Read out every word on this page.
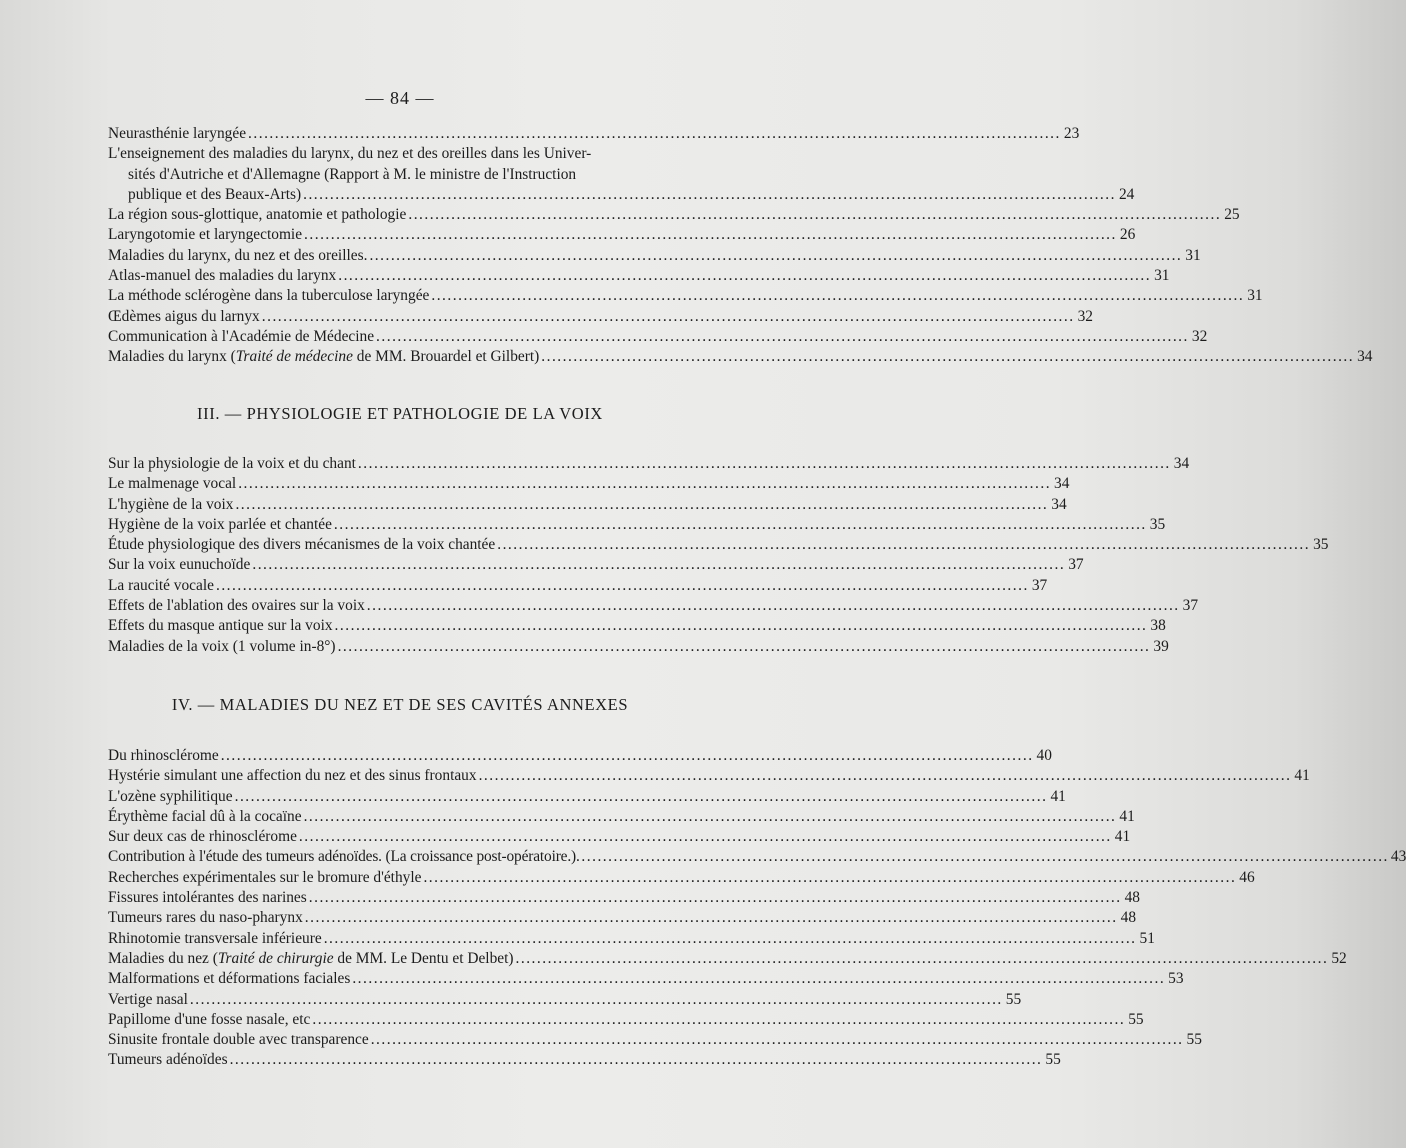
— 84 —
Neurasthénie laryngée .....	23
L'enseignement des maladies du larynx, du nez et des oreilles dans les Univer-
sités d'Autriche et d'Allemagne (Rapport à M. le ministre de l'Instruction
publique et des Beaux-Arts) .....	24
La région sous-glottique, anatomie et pathologie .....	25
Laryngotomie et laryngectomie .....	26
Maladies du larynx, du nez et des oreilles. .....	31
Atlas-manuel des maladies du larynx .....	31
La méthode sclérogène dans la tuberculose laryngée .....	31
Œdèmes aigus du larnyx .....	32
Communication à l'Académie de Médecine .....	32
Maladies du larynx (Traité de médecine de MM. Brouardel et Gilbert) .....	34
III. — PHYSIOLOGIE ET PATHOLOGIE DE LA VOIX
Sur la physiologie de la voix et du chant .....	34
Le malmenage vocal .....	34
L'hygiène de la voix .....	34
Hygiène de la voix parlée et chantée .....	35
Étude physiologique des divers mécanismes de la voix chantée .....	35
Sur la voix eunuchoïde .....	37
La raucité vocale .....	37
Effets de l'ablation des ovaires sur la voix .....	37
Effets du masque antique sur la voix .....	38
Maladies de la voix (1 volume in-8°) .....	39
IV. — MALADIES DU NEZ ET DE SES CAVITÉS ANNEXES
Du rhinosclérome .....	40
Hystérie simulant une affection du nez et des sinus frontaux .....	41
L'ozène syphilitique .....	41
Érythème facial dû à la cocaïne .....	41
Sur deux cas de rhinosclérome .....	41
Contribution à l'étude des tumeurs adénoïdes. (La croissance post-opératoire.) .....	43
Recherches expérimentales sur le bromure d'éthyle .....	46
Fissures intolérantes des narines .....	48
Tumeurs rares du naso-pharynx .....	48
Rhinotomie transversale inférieure .....	51
Maladies du nez (Traité de chirurgie de MM. Le Dentu et Delbet) .....	52
Malformations et déformations faciales .....	53
Vertige nasal .....	55
Papillome d'une fosse nasale, etc .....	55
Sinusite frontale double avec transparence .....	55
Tumeurs adénoïdes .....	55
